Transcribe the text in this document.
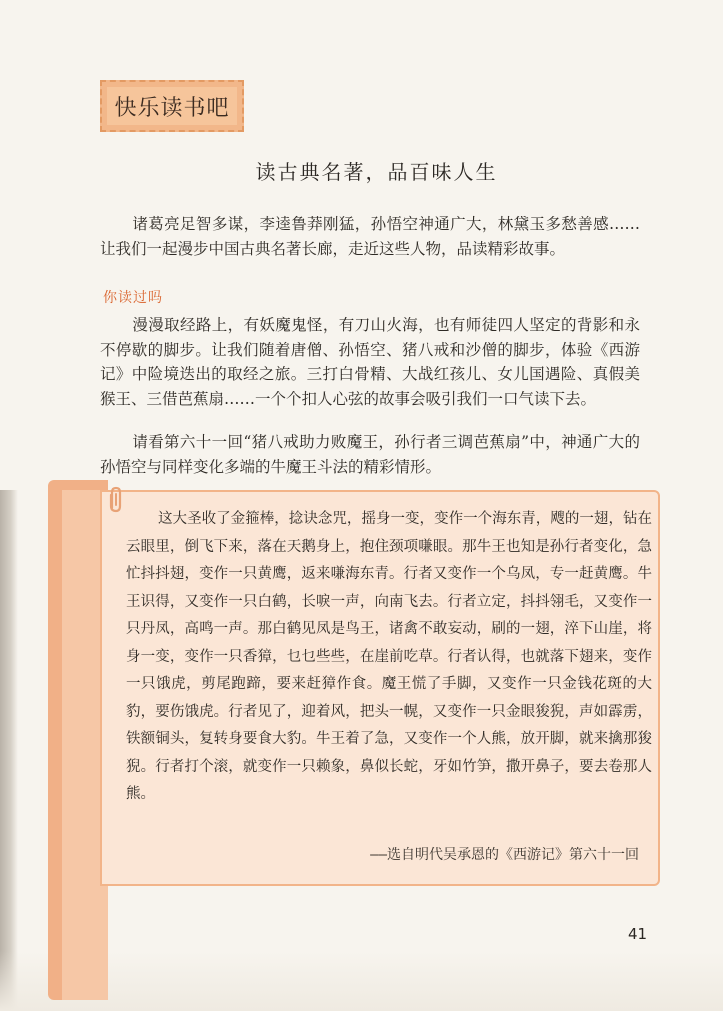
快乐读书吧
读古典名著，品百味人生

诸葛亮足智多谋，李逵鲁莽刚猛，孙悟空神通广大，林黛玉多愁善感……让我们一起漫步中国古典名著长廊，走近这些人物，品读精彩故事。

你读过吗

漫漫取经路上，有妖魔鬼怪，有刀山火海，也有师徒四人坚定的背影和永不停歇的脚步。让我们随着唐僧、孙悟空、猪八戒和沙僧的脚步，体验《西游记》中险境迭出的取经之旅。三打白骨精、大战红孩儿、女儿国遇险、真假美猴王、三借芭蕉扇……一个个扣人心弦的故事会吸引我们一口气读下去。

请看第六十一回“猪八戒助力败魔王，孙行者三调芭蕉扇”中，神通广大的孙悟空与同样变化多端的牛魔王斗法的精彩情形。

这大圣收了金箍棒，捻诀念咒，摇身一变，变作一个海东青，飕的一翅，钻在云眼里，倒飞下来，落在天鹅身上，抱住颈项嗛眼。那牛王也知是孙行者变化，急忙抖抖翅，变作一只黄鹰，返来嗛海东青。行者又变作一个乌凤，专一赶黄鹰。牛王识得，又变作一只白鹤，长唳一声，向南飞去。行者立定，抖抖翎毛，又变作一只丹凤，高鸣一声。那白鹤见凤是鸟王，诸禽不敢妄动，刷的一翅，淬下山崖，将身一变，变作一只香獐，乜乜些些，在崖前吃草。行者认得，也就落下翅来，变作一只饿虎，剪尾跑蹄，要来赶獐作食。魔王慌了手脚，又变作一只金钱花斑的大豹，要伤饿虎。行者见了，迎着风，把头一幌，又变作一只金眼狻猊，声如霹雳，铁额铜头，复转身要食大豹。牛王着了急，又变作一个人熊，放开脚，就来擒那狻猊。行者打个滚，就变作一只赖象，鼻似长蛇，牙如竹笋，撒开鼻子，要去卷那人熊。

——选自明代吴承恩的《西游记》第六十一回
41
